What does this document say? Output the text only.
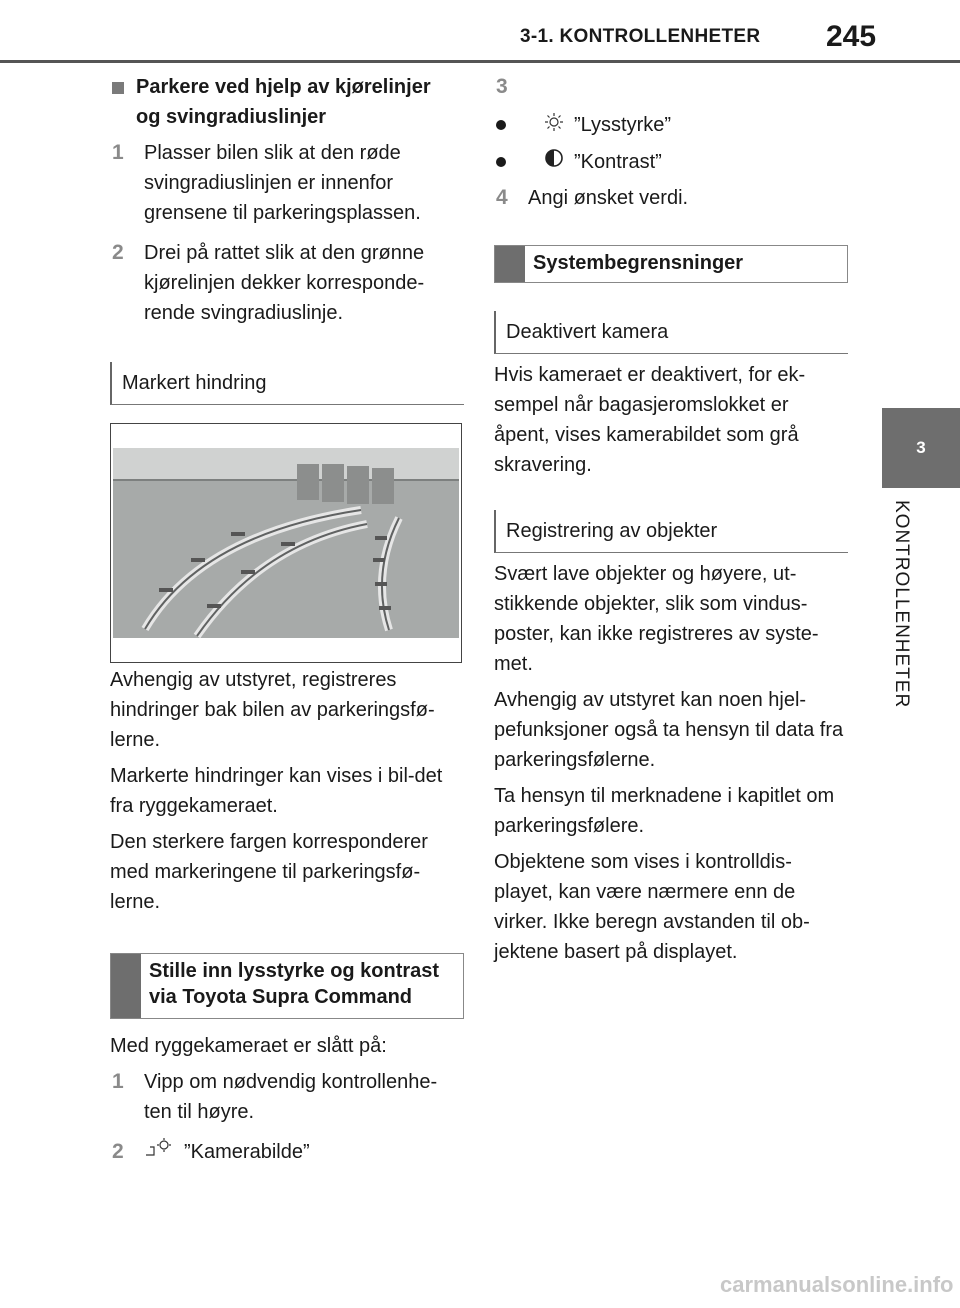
3-1. KONTROLLENHETER 245
3
KONTROLLENHETER
Parkere ved hjelp av kjørelinjer
og svingradiuslinjer
1 Plasser bilen slik at den røde svingradiuslinjen er innenfor grensene til parkeringsplassen.

2 Drei på rattet slik at den grønne kjørelinjen dekker korresponde-rende svingradiuslinje.

Markert hindring

Avhengig av utstyret, registreres hindringer bak bilen av parkeringsfø-lerne.

Markerte hindringer kan vises i bil-det fra ryggekameraet.

Den sterkere fargen korresponderer med markeringene til parkeringsfø-lerne.

Stille inn lysstyrke og kontrast via Toyota Supra Command

Med ryggekameraet er slått på:

1 Vipp om nødvendig kontrollenhe-ten til høyre.

2	”Kamerabilde”

3

”Lysstyrke”

”Kontrast”

4 Angi ønsket verdi.

Systembegrensninger
Deaktivert kamera

Hvis kameraet er deaktivert, for ek-sempel når bagasjeromslokket er åpent, vises kamerabildet som grå skravering.

Registrering av objekter

Svært lave objekter og høyere, ut-stikkende objekter, slik som vindus-poster, kan ikke registreres av syste-met.

Avhengig av utstyret kan noen hjel-pefunksjoner også ta hensyn til data fra parkeringsfølerne.

Ta hensyn til merknadene i kapitlet om parkeringsfølere.

Objektene som vises i kontrolldis-playet, kan være nærmere enn de virker. Ikke beregn avstanden til ob-jektene basert på displayet.

carmanualsonline.info
